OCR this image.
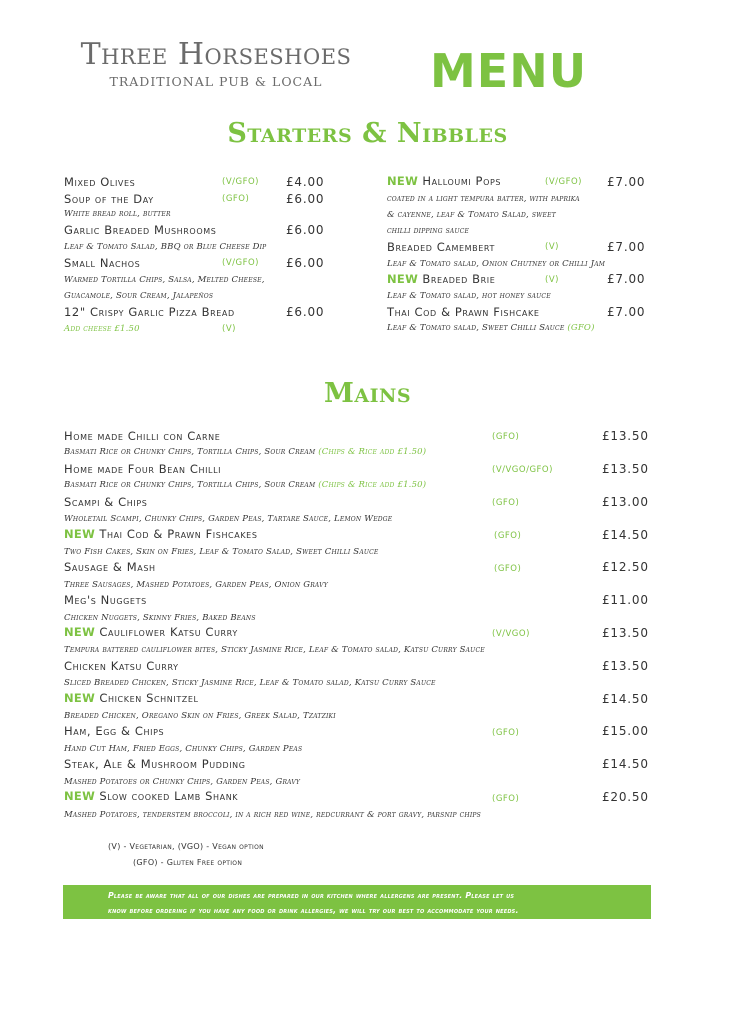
Three Horseshoes
TRADITIONAL PUB & LOCAL	MENU
Starters & Nibbles
Mixed Olives	(V/GFO) £4.00
Soup of the Day	(GFO)	£6.00
White bread roll, butter
Garlic Breaded Mushrooms	£6.00
Leaf & Tomato Salad, BBQ or Blue Cheese Dip
Small Nachos	(V/GFO) £6.00
Warmed Tortilla Chips, Salsa, Melted Cheese,
Guacamole, Sour Cream, Jalapeños
12" Crispy Garlic Pizza Bread	£6.00
Add cheese £1.50	(V)
NEW Halloumi Pops	(V/GFO) £7.00
coated in a light tempura batter, with paprika
& cayenne, leaf & Tomato Salad, sweet
chilli dipping sauce
Breaded Camembert	(V)	£7.00
Leaf & Tomato salad, Onion Chutney or Chilli Jam
NEW Breaded Brie	(V)	£7.00
Leaf & Tomato salad, hot honey sauce
Thai Cod & Prawn Fishcake	£7.00
Leaf & Tomato salad, Sweet Chilli Sauce (GFO)
Mains
Home made Chilli con Carne	(GFO)	£13.50
Basmati Rice or Chunky Chips, Tortilla Chips, Sour Cream (Chips & Rice add £1.50)
Home made Four Bean Chilli	(V/VGO/GFO)	£13.50
Basmati Rice or Chunky Chips, Tortilla Chips, Sour Cream (Chips & Rice add £1.50)
Scampi & Chips	(GFO)	£13.00
Wholetail Scampi, Chunky Chips, Garden Peas, Tartare Sauce, Lemon Wedge
NEW Thai Cod & Prawn Fishcakes	(GFO)	£14.50
Two Fish Cakes, Skin on Fries, Leaf & Tomato Salad, Sweet Chilli Sauce
Sausage & Mash	(GFO)	£12.50
Three Sausages, Mashed Potatoes, Garden Peas, Onion Gravy
Meg's Nuggets	£11.00
Chicken Nuggets, Skinny Fries, Baked Beans
NEW Cauliflower Katsu Curry	(V/VGO)	£13.50
Tempura battered cauliflower bites, Sticky Jasmine Rice, Leaf & Tomato salad, Katsu Curry Sauce
Chicken Katsu Curry	£13.50
Sliced Breaded Chicken, Sticky Jasmine Rice, Leaf & Tomato salad, Katsu Curry Sauce
NEW Chicken Schnitzel	£14.50
Breaded Chicken, Oregano Skin on Fries, Greek Salad, Tzatziki
Ham, Egg & Chips	(GFO)	£15.00
Hand Cut Ham, Fried Eggs, Chunky Chips, Garden Peas
Steak, Ale & Mushroom Pudding	£14.50
Mashed Potatoes or Chunky Chips, Garden Peas, Gravy
NEW Slow cooked Lamb Shank	(GFO)	£20.50
Mashed Potatoes, tenderstem broccoli, in a rich red wine, redcurrant & port gravy, parsnip chips
(V) - Vegetarian, (VGO) - Vegan option
(GFO) - Gluten Free option

Please be aware that all of our dishes are prepared in our kitchen where allergens are present. Please let us

know before ordering if you have any food or drink allergies, we will try our best to accommodate your needs.
